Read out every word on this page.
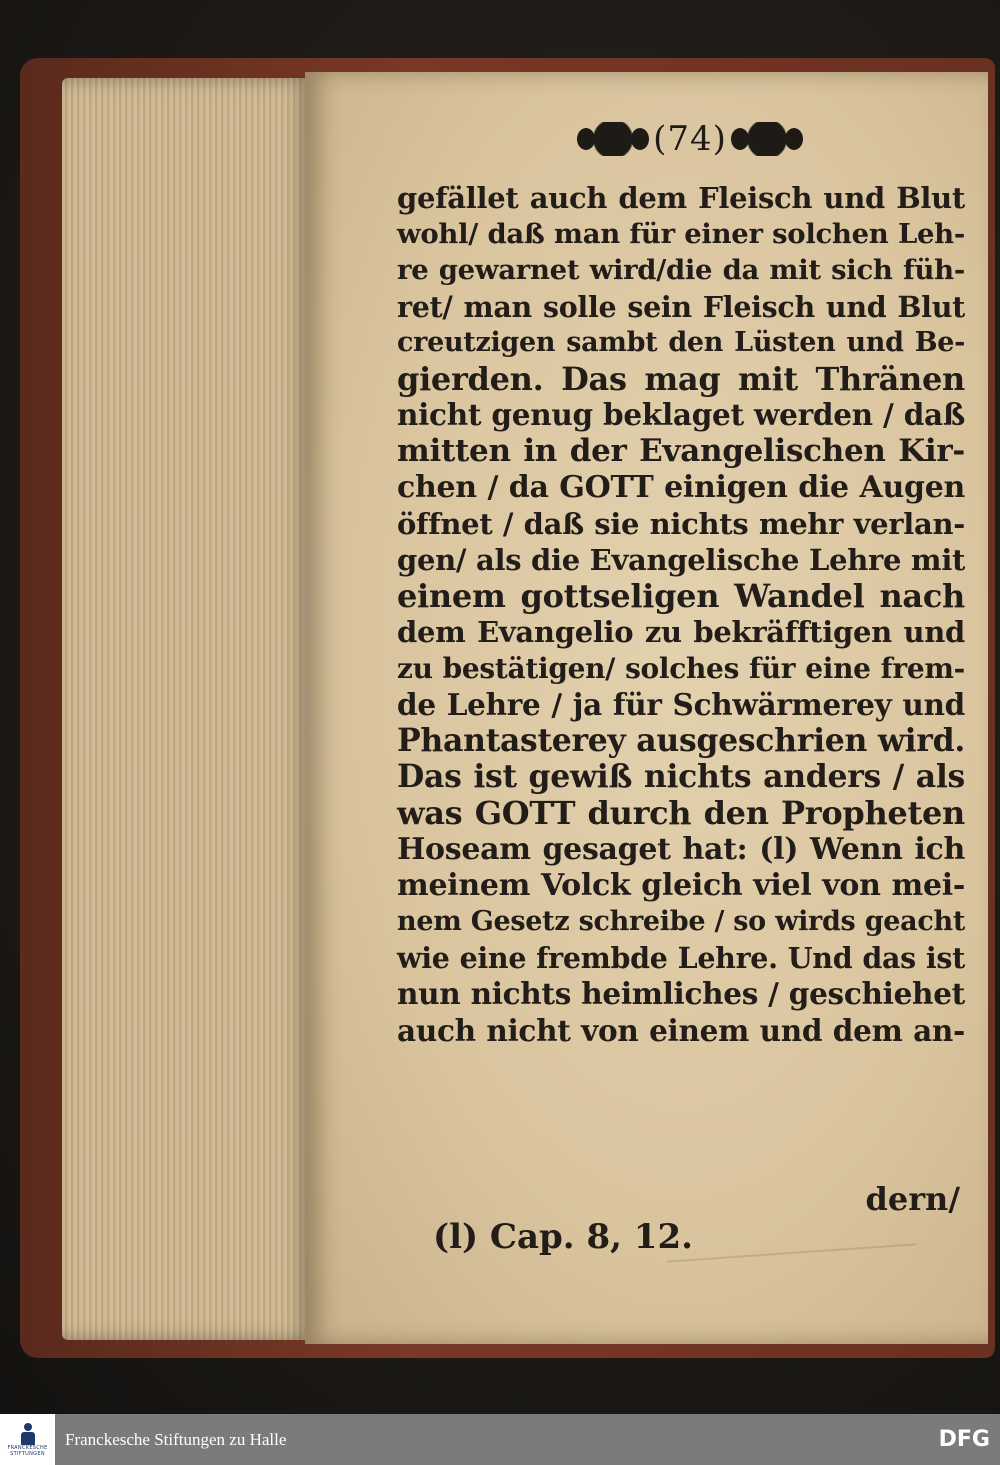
(74)
gefället auch dem Fleisch und Blut
wohl/ daß man für einer solchen Leh-
re gewarnet wird/die da mit sich füh-
ret/ man solle sein Fleisch und Blut
creutzigen sambt den Lüsten und Be-
gierden. Das mag mit Thränen
nicht genug beklaget werden / daß
mitten in der Evangelischen Kir-
chen / da GOTT einigen die Augen
öffnet / daß sie nichts mehr verlan-
gen/ als die Evangelische Lehre mit
einem gottseligen Wandel nach
dem Evangelio zu bekräfftigen und
zu bestätigen/ solches für eine frem-
de Lehre / ja für Schwärmerey und
Phantasterey ausgeschrien wird.
Das ist gewiß nichts anders / als
was GOTT durch den Propheten
Hoseam gesaget hat: (l) Wenn ich
meinem Volck gleich viel von mei-
nem Gesetz schreibe / so wirds geacht
wie eine frembde Lehre. Und das ist
nun nichts heimliches / geschiehet
auch nicht von einem und dem an-
dern/
(l) Cap. 8, 12.
FRANCKESCHE STIFTUNGEN
Franckesche Stiftungen zu Halle	DFG
